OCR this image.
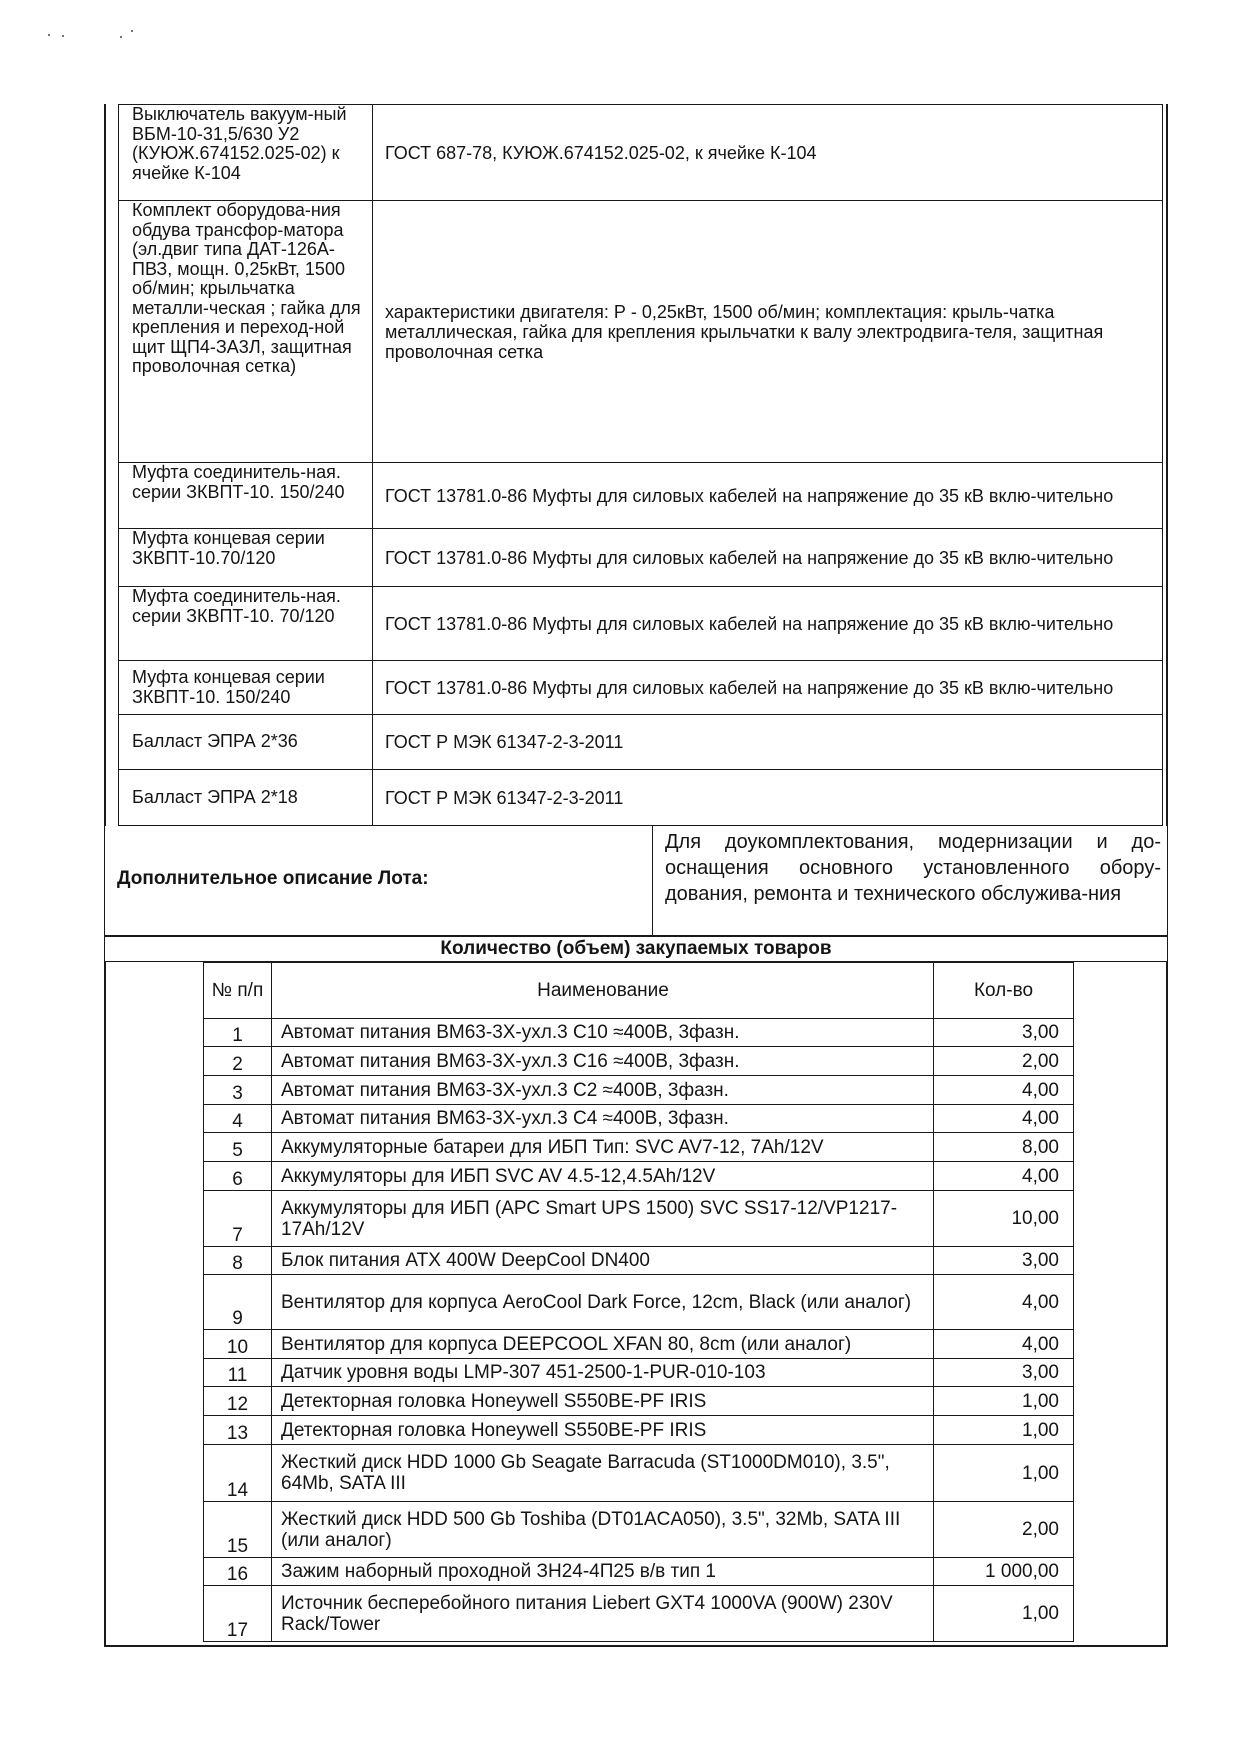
Выключатель вакуум-ный ВБМ-10-31,5/630 У2 (КУЮЖ.674152.025-02) к ячейке К-104	ГОСТ 687-78, КУЮЖ.674152.025-02, к ячейке К-104
Комплект оборудова-ния обдува трансфор-матора (эл.двиг типа ДАТ-126А-ПВЗ, мощн. 0,25кВт, 1500 об/мин; крыльчатка металли-ческая ; гайка для крепления и переход-ной щит ЩП4-ЗА3Л, защитная проволочная сетка)	характеристики двигателя: Р - 0,25кВт, 1500 об/мин; комплектация: крыль-чатка металлическая, гайка для крепления крыльчатки к валу электродвига-теля, защитная проволочная сетка
Муфта соединитель-ная. серии ЗКВПТ-10. 150/240	ГОСТ 13781.0-86 Муфты для силовых кабелей на напряжение до 35 кВ вклю-чительно
Муфта концевая серии ЗКВПТ-10.70/120	ГОСТ 13781.0-86 Муфты для силовых кабелей на напряжение до 35 кВ вклю-чительно
Муфта соединитель-ная. серии ЗКВПТ-10. 70/120	ГОСТ 13781.0-86 Муфты для силовых кабелей на напряжение до 35 кВ вклю-чительно
Муфта концевая серии ЗКВПТ-10. 150/240	ГОСТ 13781.0-86 Муфты для силовых кабелей на напряжение до 35 кВ вклю-чительно
Балласт ЭПРА 2*36	ГОСТ Р МЭК 61347-2-3-2011
Балласт ЭПРА 2*18	ГОСТ Р МЭК 61347-2-3-2011
Дополнительное описание Лота:
Для доукомплектования, модернизации и до-оснащения основного установленного обору-дования, ремонта и технического обслужива-ния
Количество (объем) закупаемых товаров
№ п/п	Наименование	Кол-во
1	Автомат питания ВМ63-3Х-ухл.3 С10 ≈400В, 3фазн.	3,00
2	Автомат питания ВМ63-3Х-ухл.3 С16 ≈400В, 3фазн.	2,00
3	Автомат питания ВМ63-3Х-ухл.3 С2 ≈400В, 3фазн.	4,00
4	Автомат питания ВМ63-3Х-ухл.3 С4 ≈400В, 3фазн.	4,00
5	Аккумуляторные батареи для ИБП Тип: SVC AV7-12, 7Ah/12V	8,00
6	Аккумуляторы для ИБП SVC AV 4.5-12,4.5Ah/12V	4,00
7	Аккумуляторы для ИБП (АРС Smart UPS 1500) SVC SS17-12/VP1217-17Ah/12V	10,00
8	Блок питания ATX 400W DeepCool DN400	3,00
9	Вентилятор для корпуса AeroCool Dark Force, 12cm, Black (или аналог)	4,00
10	Вентилятор для корпуса DEEPCOOL XFAN 80, 8cm (или аналог)	4,00
11	Датчик уровня воды LMP-307 451-2500-1-PUR-010-103	3,00
12	Детекторная головка Honeywell S550BE-PF IRIS	1,00
13	Детекторная головка Honeywell S550BE-PF IRIS	1,00
14	Жесткий диск HDD 1000 Gb Seagate Barracuda (ST1000DM010), 3.5", 64Mb, SATA III	1,00
15	Жесткий диск HDD 500 Gb Toshiba (DT01ACA050), 3.5", 32Mb, SATA III (или аналог)	2,00
16	Зажим наборный проходной ЗН24-4П25 в/в тип 1	1 000,00
17	Источник бесперебойного питания Liebert GXT4 1000VA (900W) 230V Rack/Tower	1,00
